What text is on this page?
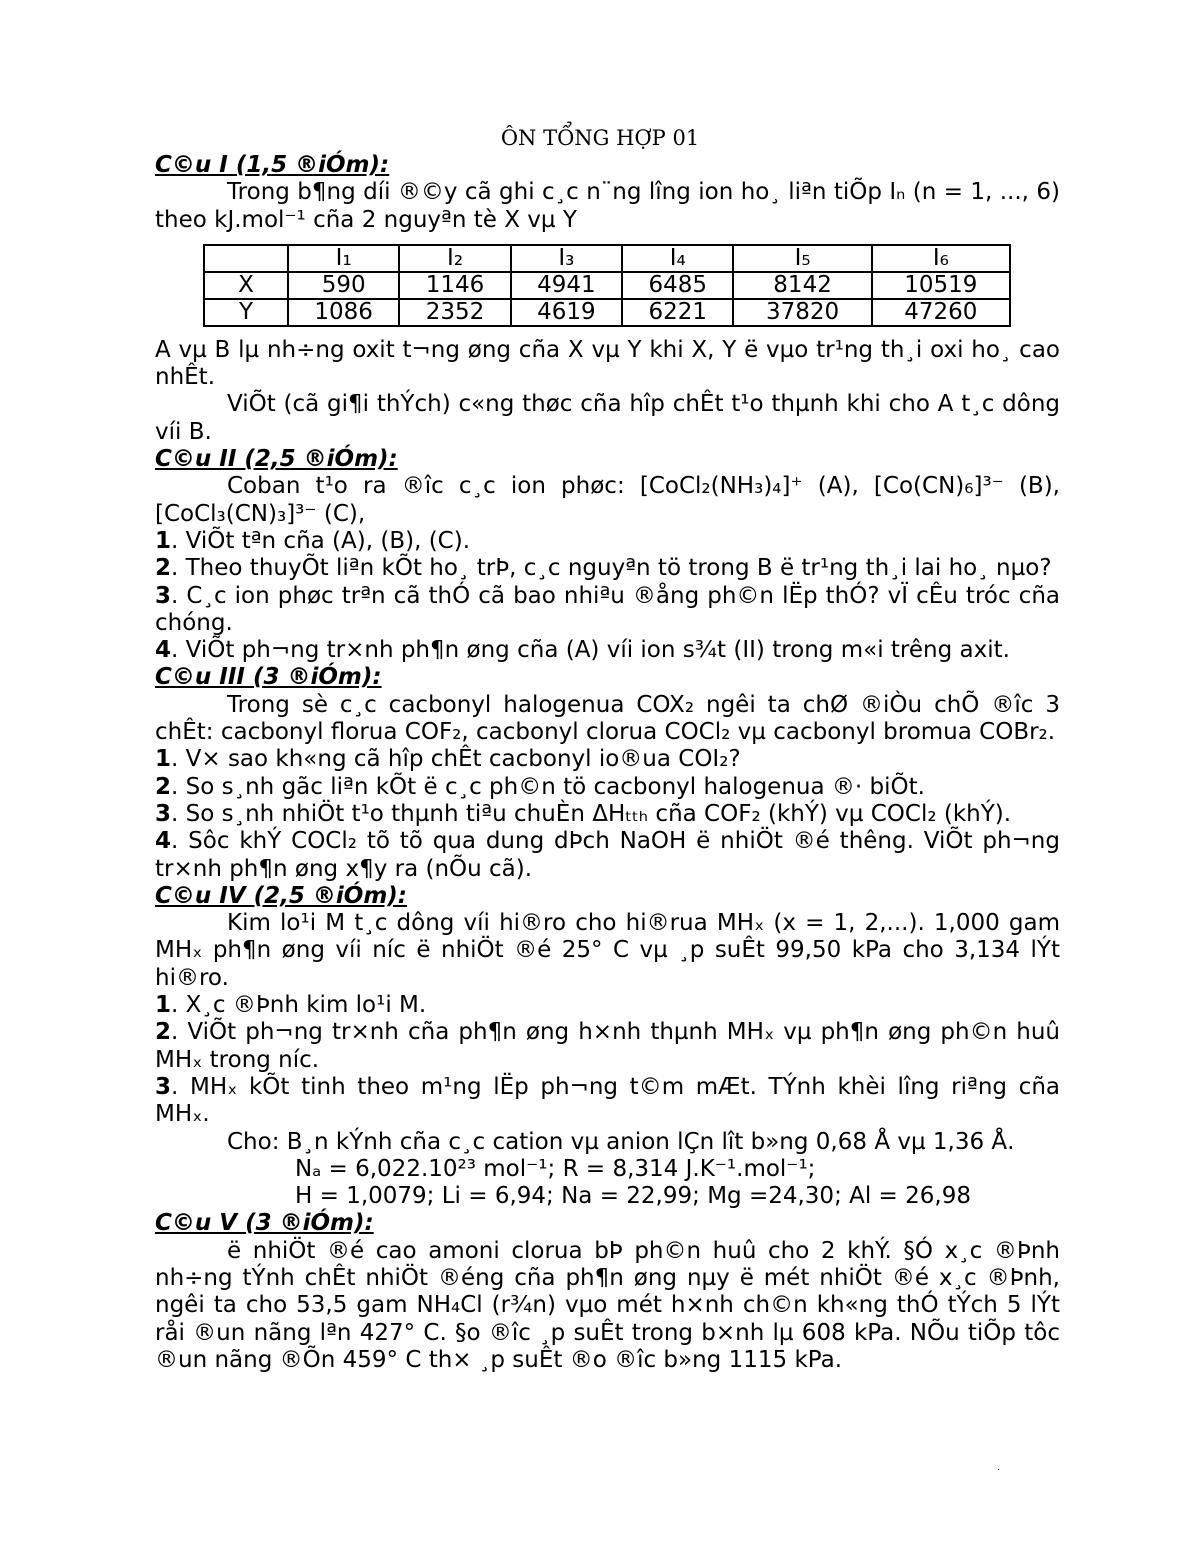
ÔN TỔNG HỢP 01

C©u I (1,5 ®iÓm):

Trong b¶ng díi ®©y cã ghi c¸c n¨ng lîng ion ho¸ liªn tiÕp Iₙ (n = 1, ..., 6) theo kJ.mol⁻¹ cña 2 nguyªn tè X vµ Y

	I₁	I₂	I₃	I₄	I₅	I₆
X	590	1146	4941	6485	8142	10519
Y	1086	2352	4619	6221	37820	47260

A vµ B lµ nh÷ng oxit t¬ng øng cña X vµ Y khi X, Y ë vµo tr¹ng th¸i oxi ho¸ cao nhÊt.

ViÕt (cã gi¶i thÝch) c«ng thøc cña hîp chÊt t¹o thµnh khi cho A t¸c dông víi B.

C©u II (2,5 ®iÓm):

Coban t¹o ra ®îc c¸c ion phøc: [CoCl₂(NH₃)₄]⁺ (A), [Co(CN)₆]³⁻ (B), [CoCl₃(CN)₃]³⁻ (C),

1. ViÕt tªn cña (A), (B), (C).

2. Theo thuyÕt liªn kÕt ho¸ trÞ, c¸c nguyªn tö trong B ë tr¹ng th¸i lai ho¸ nµo?

3. C¸c ion phøc trªn cã thÓ cã bao nhiªu ®ång ph©n lËp thÓ? vÏ cÊu tróc cña chóng.

4. ViÕt ph¬ng tr×nh ph¶n øng cña (A) víi ion s¾t (II) trong m«i trêng axit.

C©u III (3 ®iÓm):

Trong sè c¸c cacbonyl halogenua COX₂ ngêi ta chØ ®iÒu chÕ ®îc 3 chÊt: cacbonyl florua COF₂, cacbonyl clorua COCl₂ vµ cacbonyl bromua COBr₂.

1. V× sao kh«ng cã hîp chÊt cacbonyl io®ua COI₂?

2. So s¸nh gãc liªn kÕt ë c¸c ph©n tö cacbonyl halogenua ®· biÕt.

3. So s¸nh nhiÖt t¹o thµnh tiªu chuÈn ΔHₜₜₕ cña COF₂ (khÝ) vµ COCl₂ (khÝ).

4. Sôc khÝ COCl₂ tõ tõ qua dung dÞch NaOH ë nhiÖt ®é thêng. ViÕt ph¬ng tr×nh ph¶n øng x¶y ra (nÕu cã).

C©u IV (2,5 ®iÓm):

Kim lo¹i M t¸c dông víi hi®ro cho hi®rua MHₓ (x = 1, 2,...). 1,000 gam MHₓ ph¶n øng víi níc ë nhiÖt ®é 25° C vµ ¸p suÊt 99,50 kPa cho 3,134 lÝt hi®ro.

1. X¸c ®Þnh kim lo¹i M.

2. ViÕt ph¬ng tr×nh cña ph¶n øng h×nh thµnh MHₓ vµ ph¶n øng ph©n huû MHₓ trong níc.

3. MHₓ kÕt tinh theo m¹ng lËp ph¬ng t©m mÆt. TÝnh khèi lîng riªng cña MHₓ.

Cho: B¸n kÝnh cña c¸c cation vµ anion lÇn lît b»ng 0,68 Å vµ 1,36 Å.

Nₐ = 6,022.10²³ mol⁻¹; R = 8,314 J.K⁻¹.mol⁻¹;

H = 1,0079; Li = 6,94; Na = 22,99; Mg =24,30; Al = 26,98

C©u V (3 ®iÓm):

ë nhiÖt ®é cao amoni clorua bÞ ph©n huû cho 2 khÝ. §Ó x¸c ®Þnh nh÷ng tÝnh chÊt nhiÖt ®éng cña ph¶n øng nµy ë mét nhiÖt ®é x¸c ®Þnh, ngêi ta cho 53,5 gam NH₄Cl (r¾n) vµo mét h×nh ch©n kh«ng thÓ tÝch 5 lÝt råi ®un nãng lªn 427° C. §o ®îc ¸p suÊt trong b×nh lµ 608 kPa. NÕu tiÕp tôc ®un nãng ®Õn 459° C th× ¸p suÊt ®o ®îc b»ng 1115 kPa.

.
